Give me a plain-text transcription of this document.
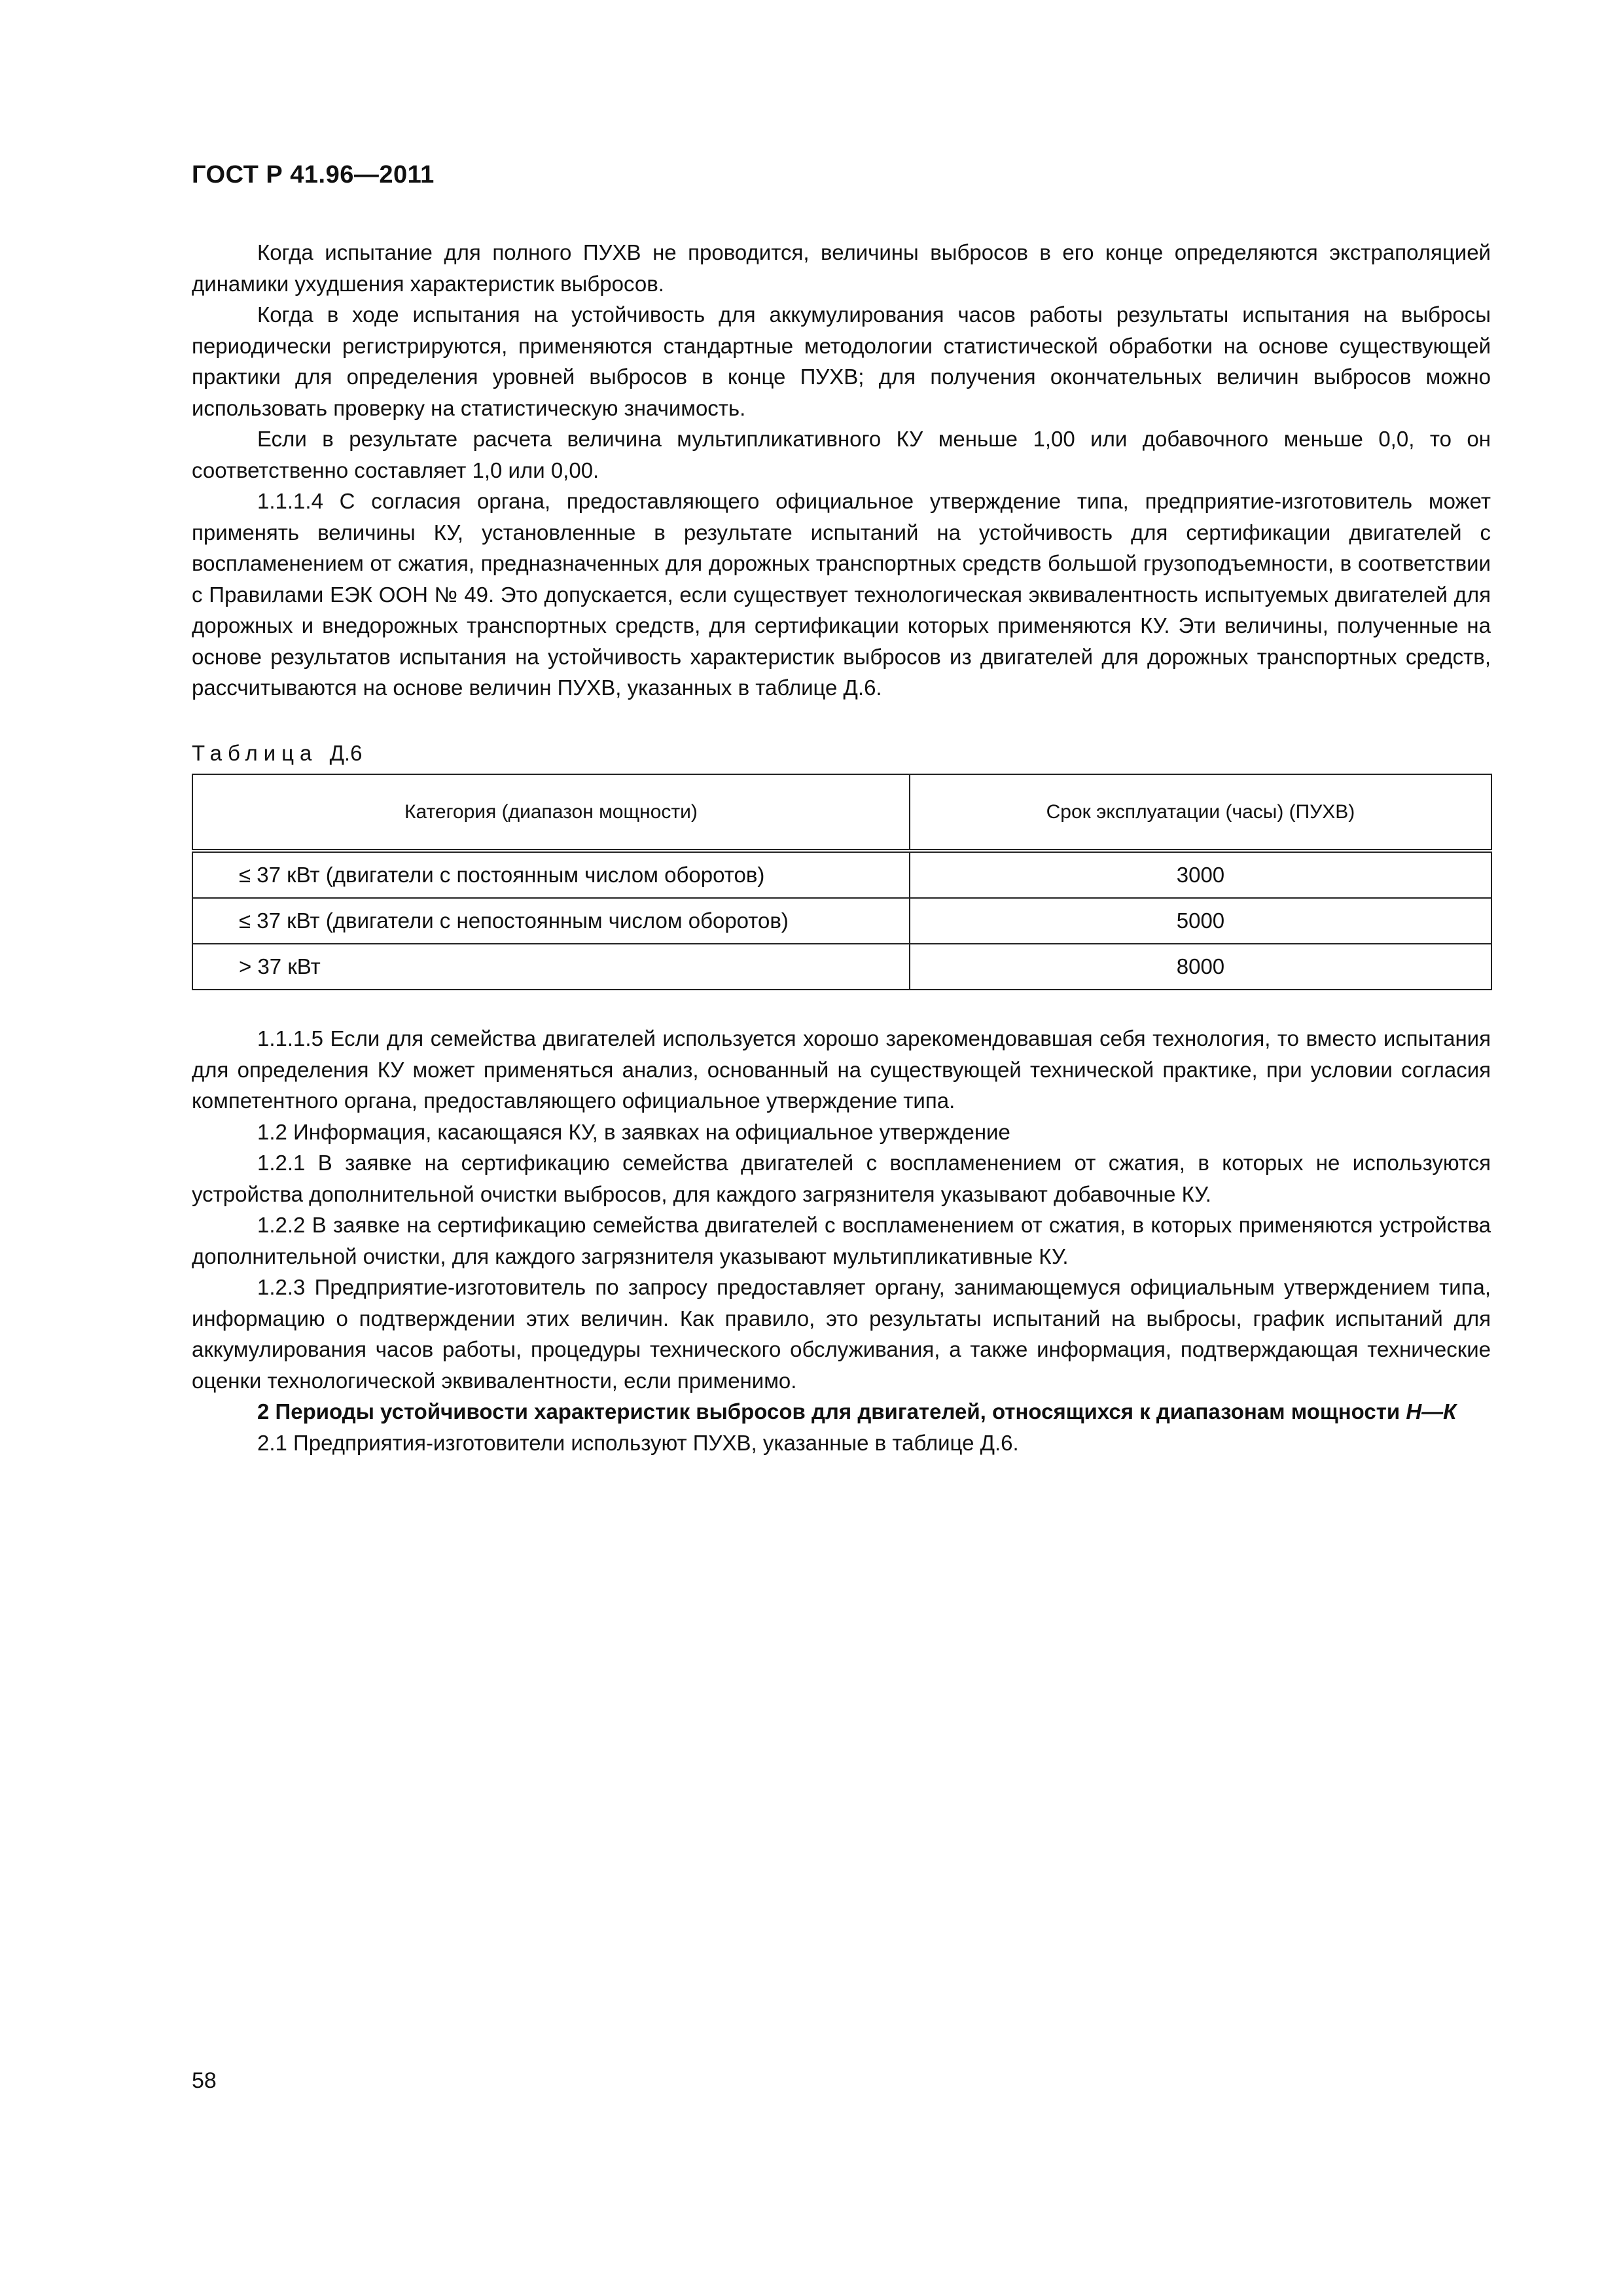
ГОСТ Р 41.96—2011

Когда испытание для полного ПУХВ не проводится, величины выбросов в его конце определяются экстраполяцией динамики ухудшения характеристик выбросов.

Когда в ходе испытания на устойчивость для аккумулирования часов работы результаты испытания на выбросы периодически регистрируются, применяются стандартные методологии статистической обработки на основе существующей практики для определения уровней выбросов в конце ПУХВ; для получения окончательных величин выбросов можно использовать проверку на статистическую значимость.

Если в результате расчета величина мультипликативного КУ меньше 1,00 или добавочного меньше 0,0, то он соответственно составляет 1,0 или 0,00.

1.1.1.4 С согласия органа, предоставляющего официальное утверждение типа, предприятие-изготовитель может применять величины КУ, установленные в результате испытаний на устойчивость для сертификации двигателей с воспламенением от сжатия, предназначенных для дорожных транспортных средств большой грузоподъемности, в соответствии с Правилами ЕЭК ООН № 49. Это допускается, если существует технологическая эквивалентность испытуемых двигателей для дорожных и внедорожных транспортных средств, для сертификации которых применяются КУ. Эти величины, полученные на основе результатов испытания на устойчивость характеристик выбросов из двигателей для дорожных транспортных средств, рассчитываются на основе величин ПУХВ, указанных в таблице Д.6.

Таблица Д.6
Категория (диапазон мощности)	Срок эксплуатации (часы) (ПУХВ)
≤ 37 кВт (двигатели с постоянным числом оборотов)	3000
≤ 37 кВт (двигатели с непостоянным числом оборотов)	5000
> 37 кВт	8000

1.1.1.5 Если для семейства двигателей используется хорошо зарекомендовавшая себя технология, то вместо испытания для определения КУ может применяться анализ, основанный на существующей технической практике, при условии согласия компетентного органа, предоставляющего официальное утверждение типа.

1.2 Информация, касающаяся КУ, в заявках на официальное утверждение

1.2.1 В заявке на сертификацию семейства двигателей с воспламенением от сжатия, в которых не используются устройства дополнительной очистки выбросов, для каждого загрязнителя указывают добавочные КУ.

1.2.2 В заявке на сертификацию семейства двигателей с воспламенением от сжатия, в которых применяются устройства дополнительной очистки, для каждого загрязнителя указывают мультипликативные КУ.

1.2.3 Предприятие-изготовитель по запросу предоставляет органу, занимающемуся официальным утверждением типа, информацию о подтверждении этих величин. Как правило, это результаты испытаний на выбросы, график испытаний для аккумулирования часов работы, процедуры технического обслуживания, а также информация, подтверждающая технические оценки технологической эквивалентности, если применимо.

2 Периоды устойчивости характеристик выбросов для двигателей, относящихся к диапазонам мощности Н—К

2.1 Предприятия-изготовители используют ПУХВ, указанные в таблице Д.6.

58
